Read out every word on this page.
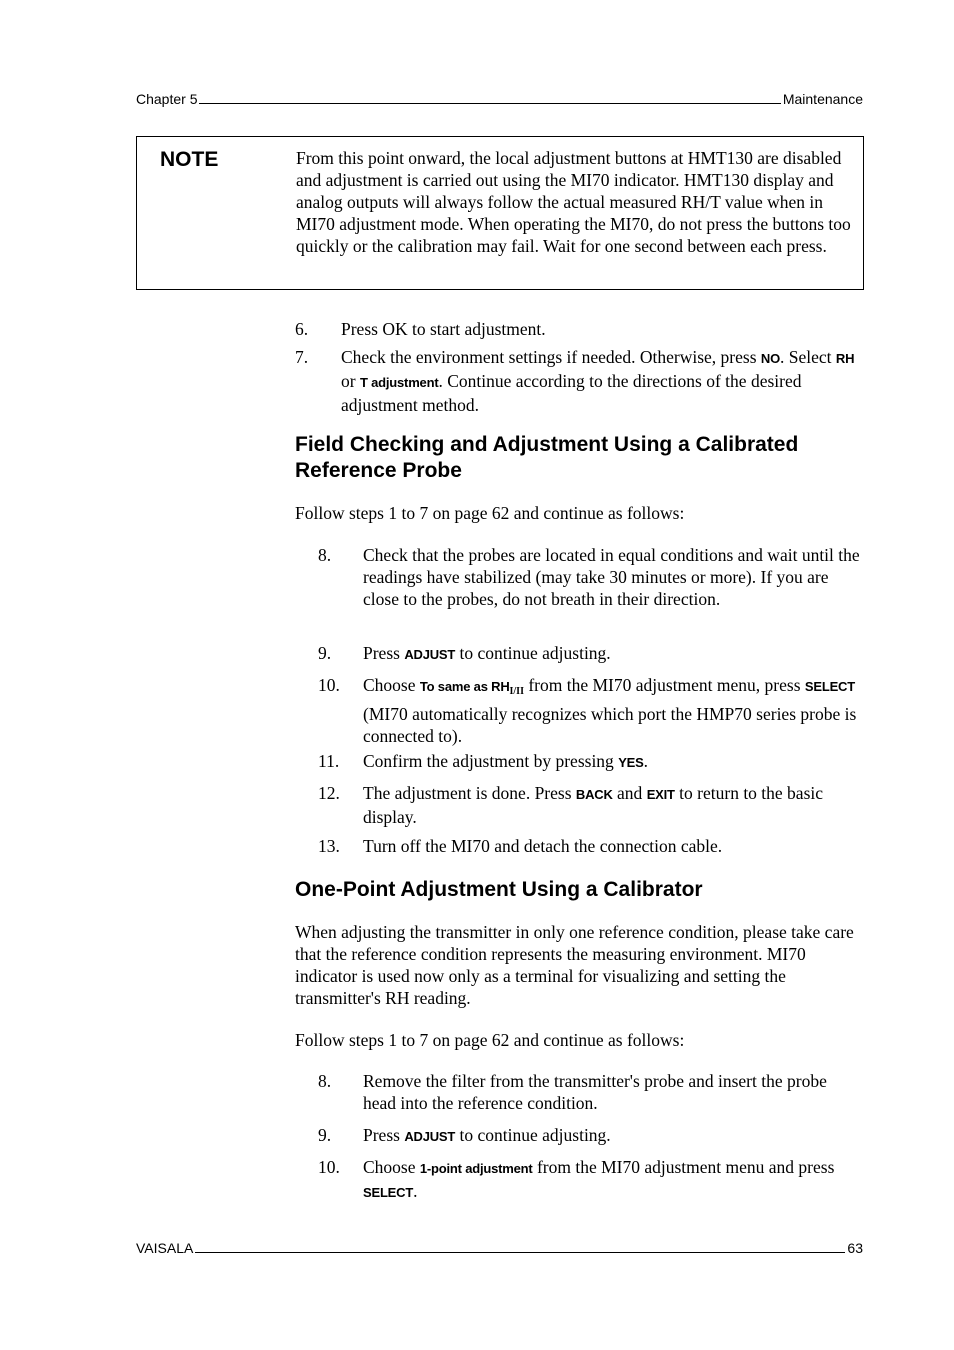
Chapter 5	Maintenance
NOTE	From this point onward, the local adjustment buttons at HMT130 are disabled and adjustment is carried out using the MI70 indicator. HMT130 display and analog outputs will always follow the actual measured RH/T value when in MI70 adjustment mode. When operating the MI70, do not press the buttons too quickly or the calibration may fail. Wait for one second between each press.
6. Press OK to start adjustment.
7. Check the environment settings if needed. Otherwise, press NO. Select RH or T adjustment. Continue according to the directions of the desired adjustment method.
Field Checking and Adjustment Using a Calibrated Reference Probe
Follow steps 1 to 7 on page 62 and continue as follows:
8. Check that the probes are located in equal conditions and wait until the readings have stabilized (may take 30 minutes or more). If you are close to the probes, do not breath in their direction.
9. Press ADJUST to continue adjusting.
10. Choose To same as $RH_{I/II}$ from the MI70 adjustment menu, press SELECT (MI70 automatically recognizes which port the HMP70 series probe is connected to).
11. Confirm the adjustment by pressing YES.
12. The adjustment is done. Press BACK and EXIT to return to the basic display.
13. Turn off the MI70 and detach the connection cable.
One-Point Adjustment Using a Calibrator
When adjusting the transmitter in only one reference condition, please take care that the reference condition represents the measuring environment. MI70 indicator is used now only as a terminal for visualizing and setting the transmitter's RH reading.
Follow steps 1 to 7 on page 62 and continue as follows:
8. Remove the filter from the transmitter's probe and insert the probe head into the reference condition.
9. Press ADJUST to continue adjusting.
10. Choose 1-point adjustment from the MI70 adjustment menu and press SELECT.
VAISALA	63
